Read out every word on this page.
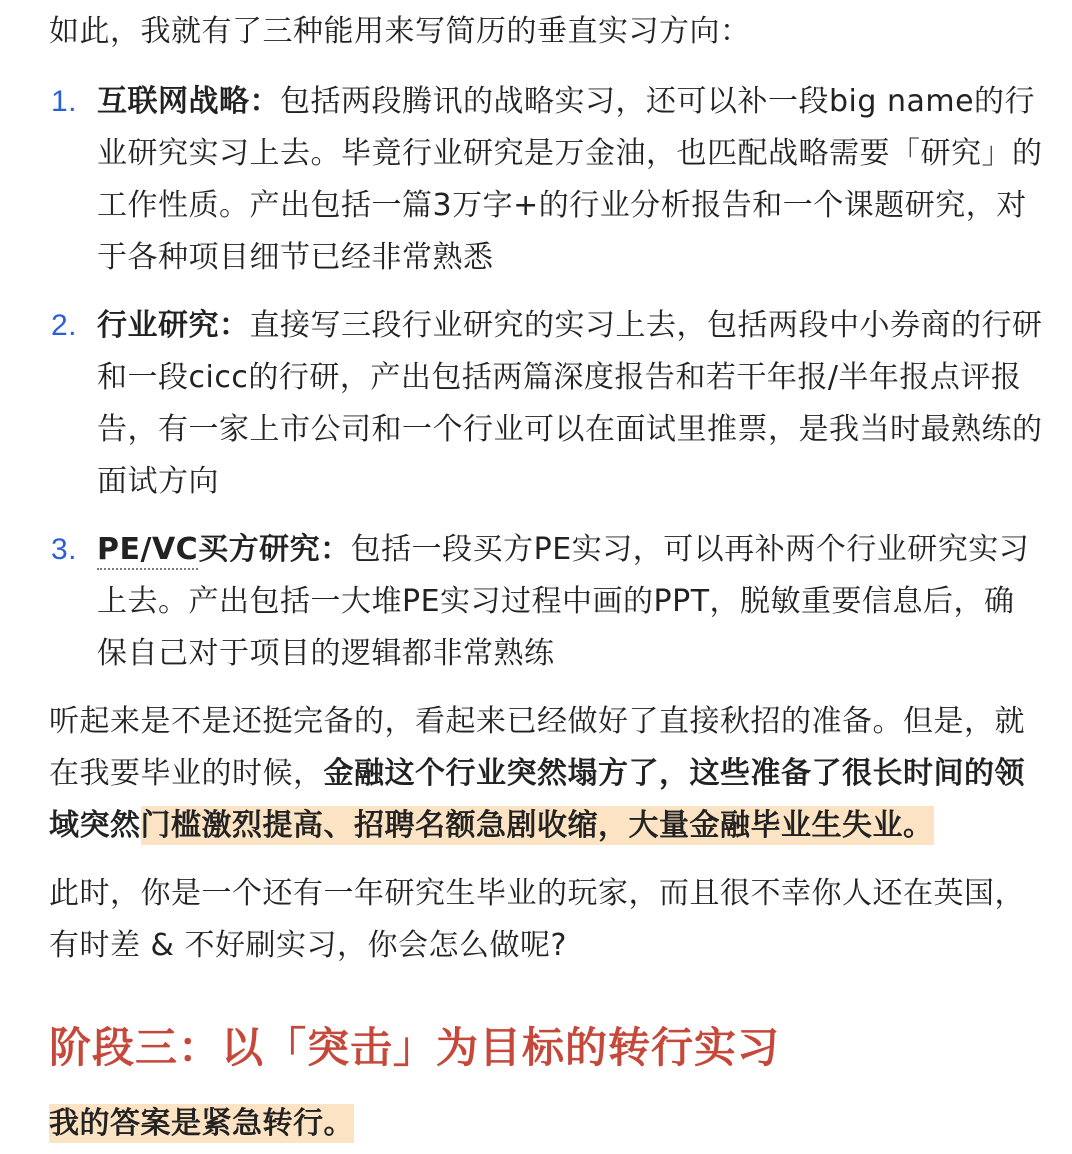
如此，我就有了三种能用来写简历的垂直实习方向：

1. 互联网战略：包括两段腾讯的战略实习，还可以补一段big name的行业研究实习上去。毕竟行业研究是万金油，也匹配战略需要「研究」的工作性质。产出包括一篇3万字+的行业分析报告和一个课题研究，对于各种项目细节已经非常熟悉
2. 行业研究：直接写三段行业研究的实习上去，包括两段中小券商的行研和一段cicc的行研，产出包括两篇深度报告和若干年报/半年报点评报告，有一家上市公司和一个行业可以在面试里推票，是我当时最熟练的面试方向
3. PE/VC买方研究：包括一段买方PE实习，可以再补两个行业研究实习上去。产出包括一大堆PE实习过程中画的PPT，脱敏重要信息后，确保自己对于项目的逻辑都非常熟练

听起来是不是还挺完备的，看起来已经做好了直接秋招的准备。但是，就在我要毕业的时候，金融这个行业突然塌方了，这些准备了很长时间的领域突然门槛激烈提高、招聘名额急剧收缩，大量金融毕业生失业。

此时，你是一个还有一年研究生毕业的玩家，而且很不幸你人还在英国，有时差 & 不好刷实习，你会怎么做呢?

阶段三：以「突击」为目标的转行实习

我的答案是紧急转行。
